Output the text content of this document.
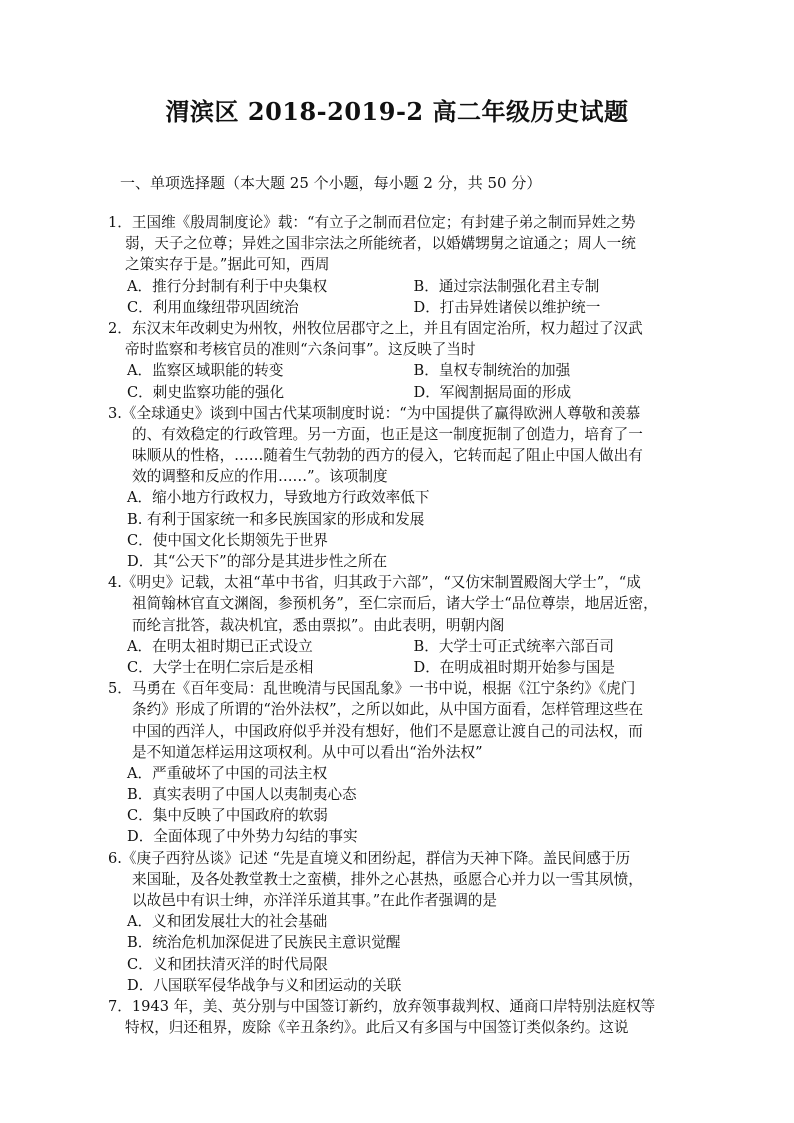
渭滨区 2018-2019-2 高二年级历史试题
一、单项选择题（本大题 25 个小题，每小题 2 分，共 50 分）
1．王国维《殷周制度论》载：“有立子之制而君位定；有封建子弟之制而异姓之势
弱，天子之位尊；异姓之国非宗法之所能统者，以婚媾甥舅之谊通之；周人一统
之策实存于是。”据此可知，西周
A．推行分封制有利于中央集权	B．通过宗法制强化君主专制
C．利用血缘纽带巩固统治	D．打击异姓诸侯以维护统一
2．东汉末年改刺史为州牧，州牧位居郡守之上，并且有固定治所，权力超过了汉武
帝时监察和考核官员的准则“六条问事”。这反映了当时
A．监察区域职能的转变	B．皇权专制统治的加强
C．刺史监察功能的强化	D．军阀割据局面的形成
3.《全球通史》谈到中国古代某项制度时说：“为中国提供了赢得欧洲人尊敬和羡慕
的、有效稳定的行政管理。另一方面，也正是这一制度扼制了创造力，培育了一
味顺从的性格，……随着生气勃勃的西方的侵入，它转而起了阻止中国人做出有
效的调整和反应的作用……”。该项制度
A．缩小地方行政权力，导致地方行政效率低下
B. 有利于国家统一和多民族国家的形成和发展
C．使中国文化长期领先于世界
D．其“公天下”的部分是其进步性之所在
4.《明史》记载，太祖“革中书省，归其政于六部”，“又仿宋制置殿阁大学士”，“成
祖简翰林官直文渊阁，参预机务”，至仁宗而后，诸大学士“品位尊崇，地居近密，
而纶言批答，裁决机宜，悉由票拟”。由此表明，明朝内阁
A．在明太祖时期已正式设立	B．大学士可正式统率六部百司
C．大学士在明仁宗后是丞相	D．在明成祖时期开始参与国是
5．马勇在《百年变局：乱世晚清与民国乱象》一书中说，根据《江宁条约》《虎门
条约》形成了所谓的“治外法权”，之所以如此，从中国方面看，怎样管理这些在
中国的西洋人，中国政府似乎并没有想好，他们不是愿意让渡自己的司法权，而
是不知道怎样运用这项权利。从中可以看出“治外法权”
A．严重破坏了中国的司法主权
B．真实表明了中国人以夷制夷心态
C．集中反映了中国政府的软弱
D．全面体现了中外势力勾结的事实
6.《庚子西狩丛谈》记述 “先是直境义和团纷起，群信为天神下降。盖民间感于历
来国耻，及各处教堂教士之蛮横，排外之心甚热，亟愿合心并力以一雪其夙愤，
以故邑中有识士绅，亦洋洋乐道其事。”在此作者强调的是
A．义和团发展壮大的社会基础
B．统治危机加深促进了民族民主意识觉醒
C．义和团扶清灭洋的时代局限
D．八国联军侵华战争与义和团运动的关联
7．1943 年，美、英分别与中国签订新约，放弃领事裁判权、通商口岸特别法庭权等
特权，归还租界，废除《辛丑条约》。此后又有多国与中国签订类似条约。这说
